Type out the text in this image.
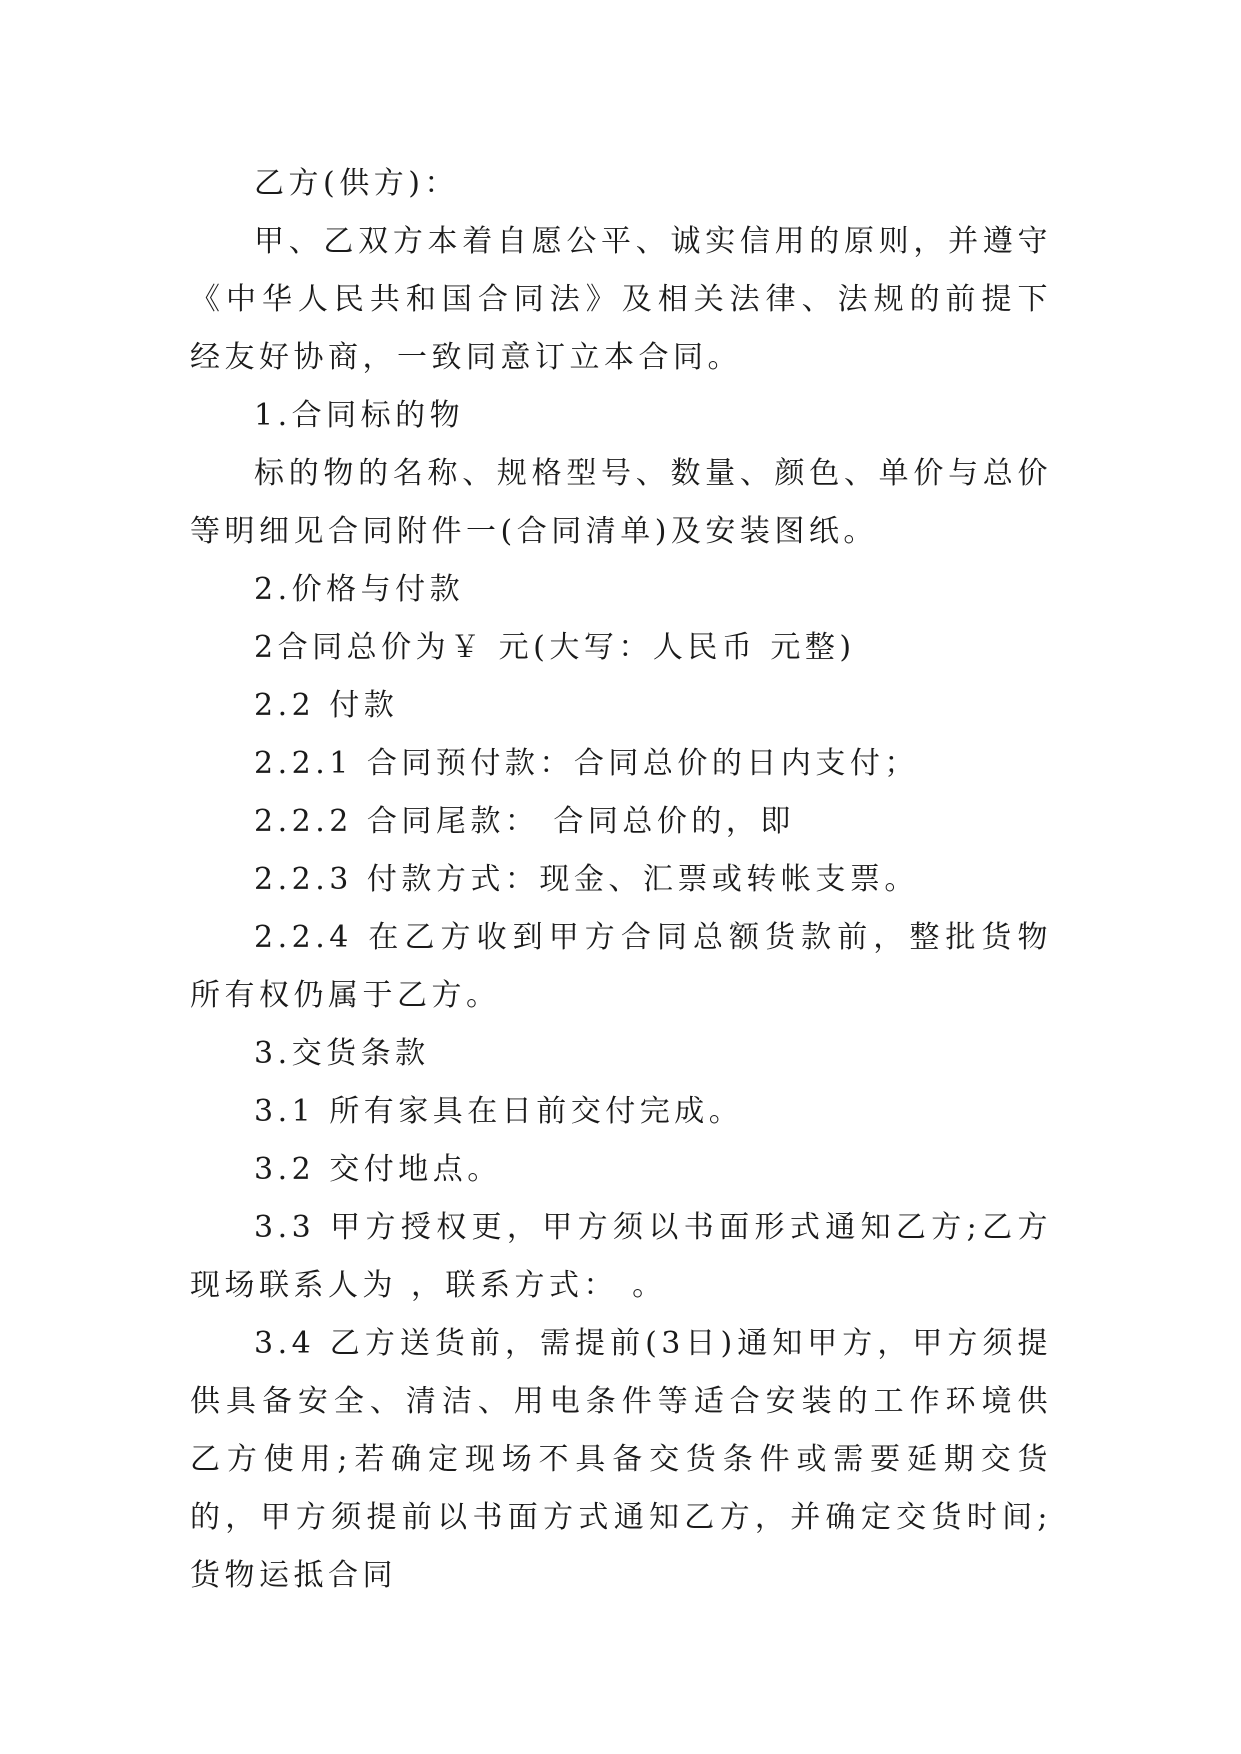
乙方(供方)：

甲、乙双方本着自愿公平、诚实信用的原则，并遵守《中华人民共和国合同法》及相关法律、法规的前提下经友好协商，一致同意订立本合同。

1.合同标的物

标的物的名称、规格型号、数量、颜色、单价与总价等明细见合同附件一(合同清单)及安装图纸。

2.价格与付款

2合同总价为￥ 元(大写：人民币 元整)

2.2 付款

2.2.1 合同预付款：合同总价的日内支付；

2.2.2 合同尾款： 合同总价的，即

2.2.3 付款方式：现金、汇票或转帐支票。

2.2.4 在乙方收到甲方合同总额货款前，整批货物所有权仍属于乙方。

3.交货条款

3.1 所有家具在日前交付完成。

3.2 交付地点。

3.3 甲方授权更，甲方须以书面形式通知乙方;乙方现场联系人为 ，联系方式： 。

3.4 乙方送货前，需提前(3日)通知甲方，甲方须提供具备安全、清洁、用电条件等适合安装的工作环境供乙方使用;若确定现场不具备交货条件或需要延期交货的，甲方须提前以书面方式通知乙方，并确定交货时间;货物运抵合同
